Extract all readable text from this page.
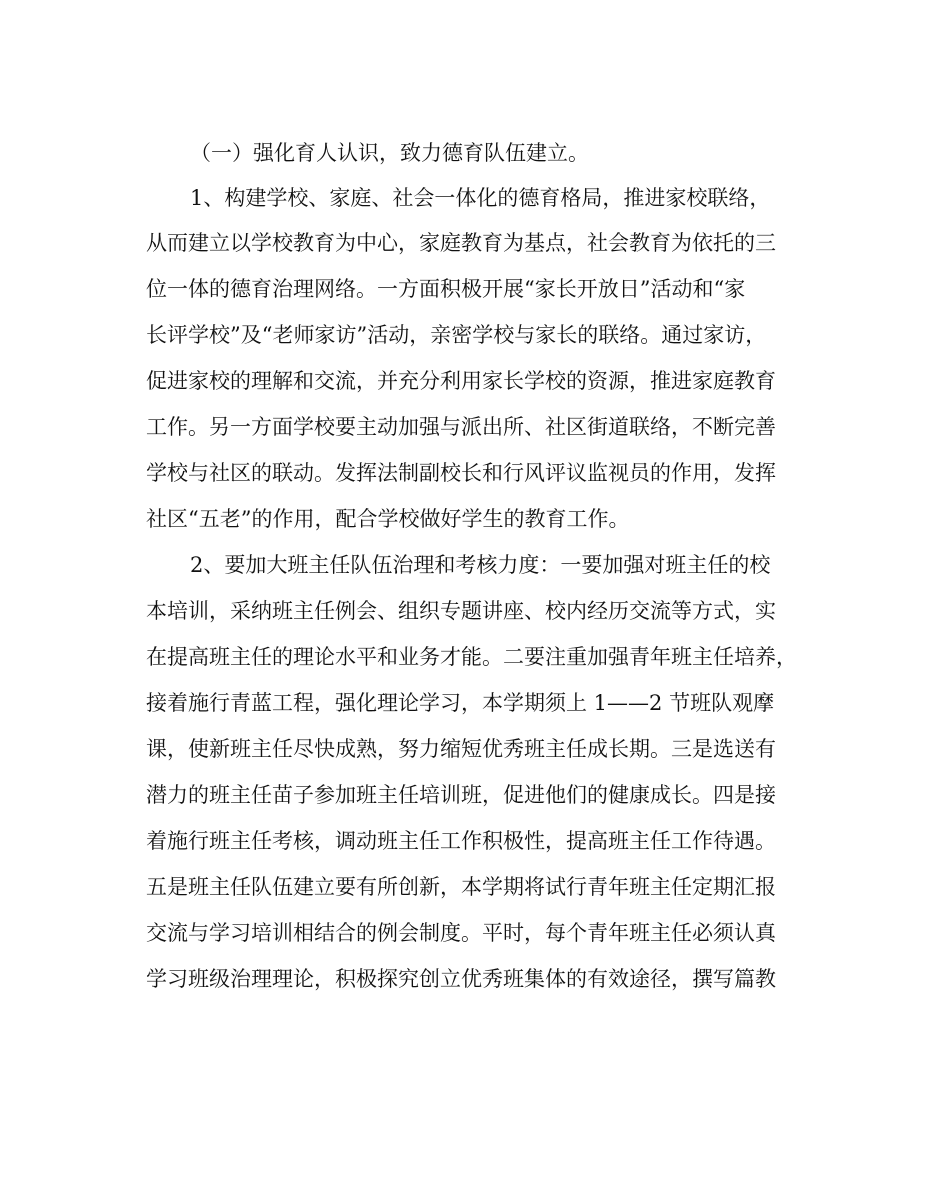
（一）强化育人认识，致力德育队伍建立。

1、构建学校、家庭、社会一体化的德育格局，推进家校联络，

从而建立以学校教育为中心，家庭教育为基点，社会教育为依托的三

位一体的德育治理网络。一方面积极开展“家长开放日”活动和“家

长评学校”及“老师家访”活动，亲密学校与家长的联络。通过家访，

促进家校的理解和交流，并充分利用家长学校的资源，推进家庭教育

工作。另一方面学校要主动加强与派出所、社区街道联络，不断完善

学校与社区的联动。发挥法制副校长和行风评议监视员的作用，发挥

社区“五老”的作用，配合学校做好学生的教育工作。

2、要加大班主任队伍治理和考核力度：一要加强对班主任的校

本培训，采纳班主任例会、组织专题讲座、校内经历交流等方式，实

在提高班主任的理论水平和业务才能。二要注重加强青年班主任培养，

接着施行青蓝工程，强化理论学习，本学期须上 1——2 节班队观摩

课，使新班主任尽快成熟，努力缩短优秀班主任成长期。三是选送有

潜力的班主任苗子参加班主任培训班，促进他们的健康成长。四是接

着施行班主任考核，调动班主任工作积极性，提高班主任工作待遇。

五是班主任队伍建立要有所创新，本学期将试行青年班主任定期汇报

交流与学习培训相结合的例会制度。平时，每个青年班主任必须认真

学习班级治理理论，积极探究创立优秀班集体的有效途径，撰写篇教
